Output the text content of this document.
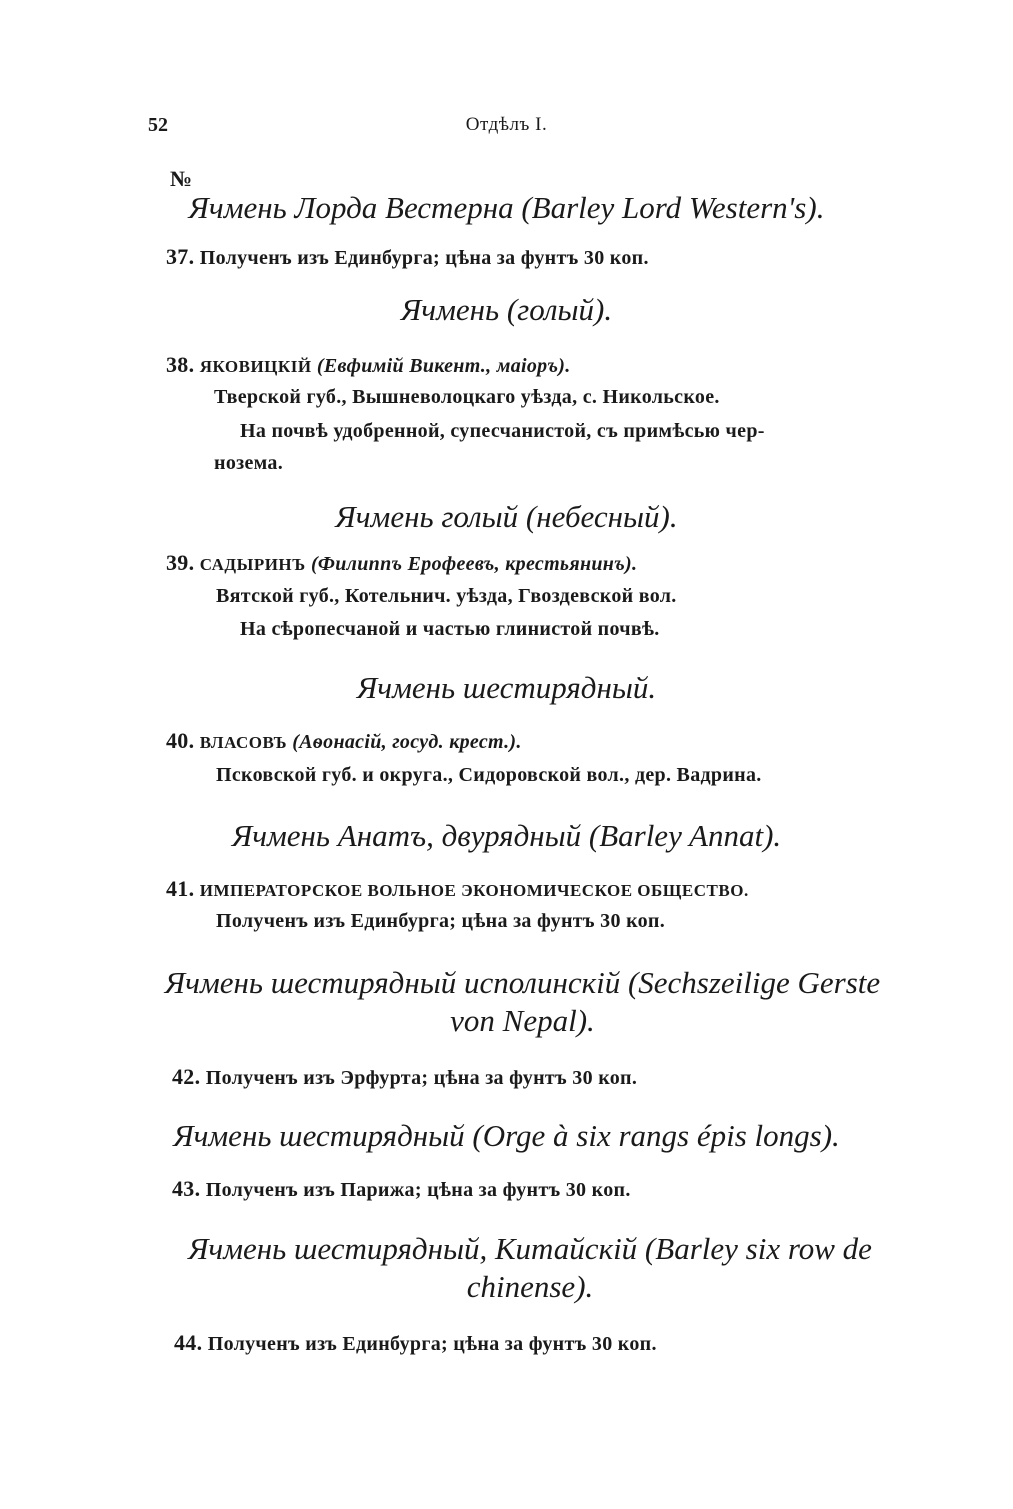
52	Отдѣлъ I.
№
Ячмень Лорда Вестерна (Barley Lord Western's).
37. Полученъ изъ Единбурга; цѣна за фунтъ 30 коп.
Ячмень (голый).
38. ЯКОВИЦКІЙ (Евфимій Викент., маіоръ).
Тверской губ., Вышневолоцкаго уѣзда, с. Никольское.
На почвѣ удобренной, супесчанистой, съ примѣсью чер-
нозема.
Ячмень голый (небесный).
39. САДЫРИНЪ (Филиппъ Ерофеевъ, крестьянинъ).
Вятской губ., Котельнич. уѣзда, Гвоздевской вол.
На сѣропесчаной и частью глинистой почвѣ.
Ячмень шестирядный.
40. ВЛАСОВЪ (Аѳонасій, госуд. крест.).
Псковской губ. и округа., Сидоровской вол., дер. Вадрина.
Ячмень Анатъ, двурядный (Barley Annat).
41. ИМПЕРАТОРСКОЕ ВОЛЬНОЕ ЭКОНОМИЧЕСКОЕ ОБЩЕСТВО.
Полученъ изъ Единбурга; цѣна за фунтъ 30 коп.
Ячмень шестирядный исполинскій (Sechszeilige Gerste von Nepal).
42. Полученъ изъ Эрфурта; цѣна за фунтъ 30 коп.
Ячмень шестирядный (Orge à six rangs épis longs).
43. Полученъ изъ Парижа; цѣна за фунтъ 30 коп.
Ячмень шестирядный, Китайскій (Barley six row de chinense).
44. Полученъ изъ Единбурга; цѣна за фунтъ 30 коп.
